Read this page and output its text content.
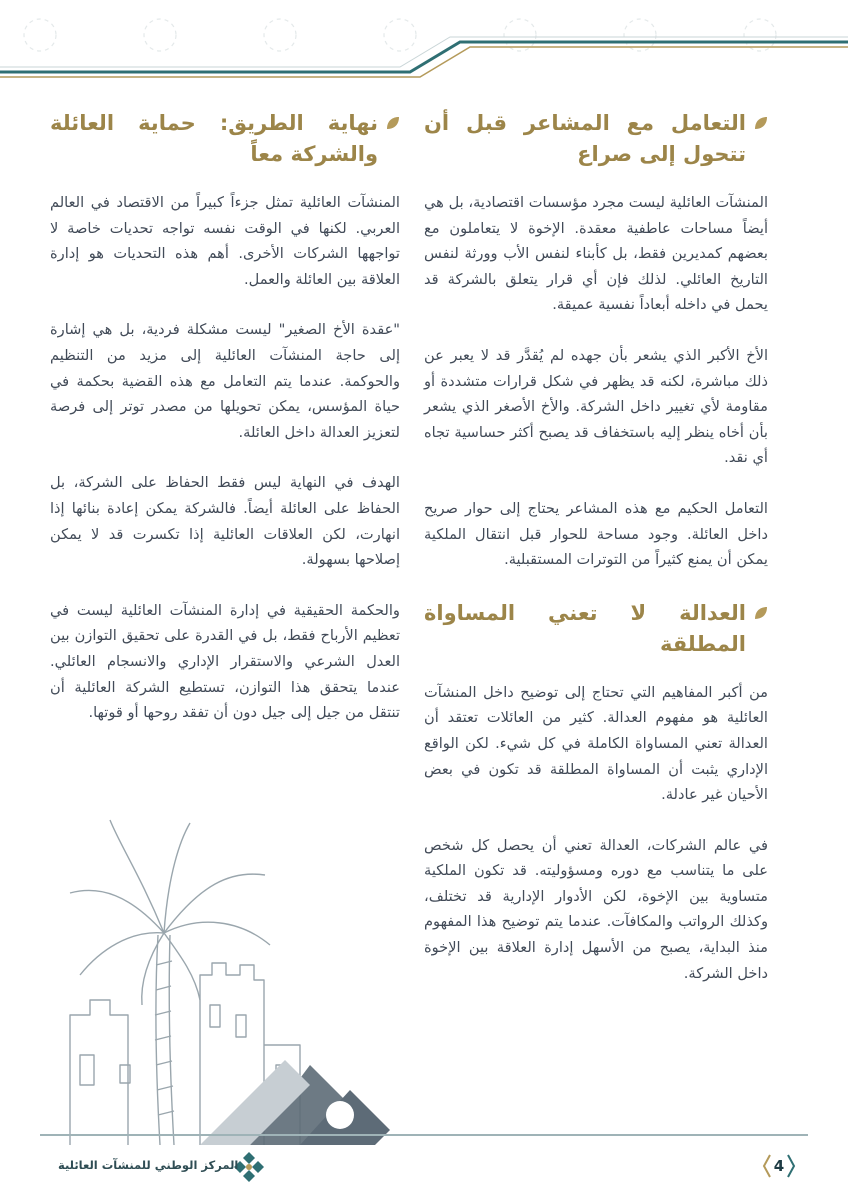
التعامل مع المشاعر قبل أن تتحول إلى صراع

المنشآت العائلية ليست مجرد مؤسسات اقتصادية، بل هي أيضاً مساحات عاطفية معقدة. الإخوة لا يتعاملون مع بعضهم كمديرين فقط، بل كأبناء لنفس الأب وورثة لنفس التاريخ العائلي. لذلك فإن أي قرار يتعلق بالشركة قد يحمل في داخله أبعاداً نفسية عميقة.

الأخ الأكبر الذي يشعر بأن جهده لم يُقدَّر قد لا يعبر عن ذلك مباشرة، لكنه قد يظهر في شكل قرارات متشددة أو مقاومة لأي تغيير داخل الشركة. والأخ الأصغر الذي يشعر بأن أخاه ينظر إليه باستخفاف قد يصبح أكثر حساسية تجاه أي نقد.

التعامل الحكيم مع هذه المشاعر يحتاج إلى حوار صريح داخل العائلة. وجود مساحة للحوار قبل انتقال الملكية يمكن أن يمنع كثيراً من التوترات المستقبلية.

العدالة لا تعني المساواة المطلقة

من أكبر المفاهيم التي تحتاج إلى توضيح داخل المنشآت العائلية هو مفهوم العدالة. كثير من العائلات تعتقد أن العدالة تعني المساواة الكاملة في كل شيء. لكن الواقع الإداري يثبت أن المساواة المطلقة قد تكون في بعض الأحيان غير عادلة.

في عالم الشركات، العدالة تعني أن يحصل كل شخص على ما يتناسب مع دوره ومسؤوليته. قد تكون الملكية متساوية بين الإخوة، لكن الأدوار الإدارية قد تختلف، وكذلك الرواتب والمكافآت. عندما يتم توضيح هذا المفهوم منذ البداية، يصبح من الأسهل إدارة العلاقة بين الإخوة داخل الشركة.

نهاية الطريق: حماية العائلة والشركة معاً

المنشآت العائلية تمثل جزءاً كبيراً من الاقتصاد في العالم العربي. لكنها في الوقت نفسه تواجه تحديات خاصة لا تواجهها الشركات الأخرى. أهم هذه التحديات هو إدارة العلاقة بين العائلة والعمل.

"عقدة الأخ الصغير" ليست مشكلة فردية، بل هي إشارة إلى حاجة المنشآت العائلية إلى مزيد من التنظيم والحوكمة. عندما يتم التعامل مع هذه القضية بحكمة في حياة المؤسس، يمكن تحويلها من مصدر توتر إلى فرصة لتعزيز العدالة داخل العائلة.

الهدف في النهاية ليس فقط الحفاظ على الشركة، بل الحفاظ على العائلة أيضاً. فالشركة يمكن إعادة بنائها إذا انهارت، لكن العلاقات العائلية إذا تكسرت قد لا يمكن إصلاحها بسهولة.

والحكمة الحقيقية في إدارة المنشآت العائلية ليست في تعظيم الأرباح فقط، بل في القدرة على تحقيق التوازن بين العدل الشرعي والاستقرار الإداري والانسجام العائلي. عندما يتحقق هذا التوازن، تستطيع الشركة العائلية أن تنتقل من جيل إلى جيل دون أن تفقد روحها أو قوتها.

المركز الوطني للمنشآت العائلية	4
